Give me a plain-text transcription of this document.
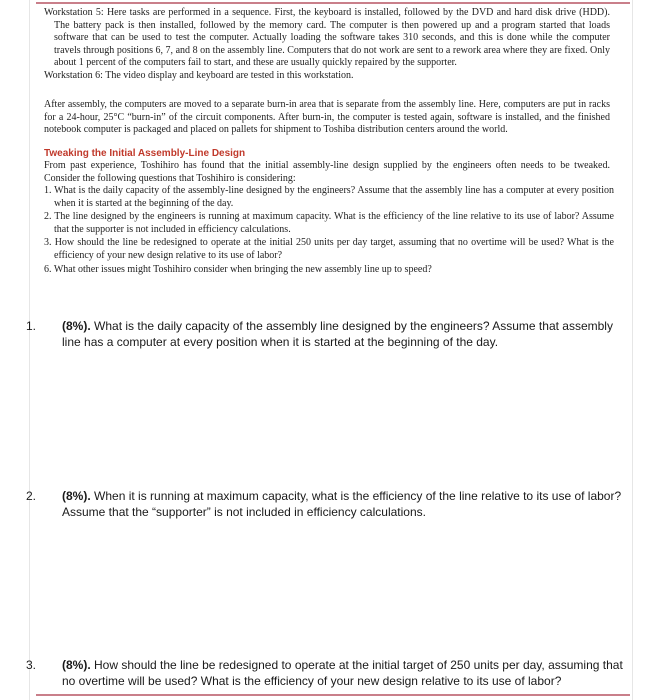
Workstation 5: Here tasks are performed in a sequence. First, the keyboard is installed, followed by the DVD and hard disk drive (HDD). The battery pack is then installed, followed by the memory card. The computer is then powered up and a program started that loads software that can be used to test the computer. Actually loading the software takes 310 seconds, and this is done while the computer travels through positions 6, 7, and 8 on the assembly line. Computers that do not work are sent to a rework area where they are fixed. Only about 1 percent of the computers fail to start, and these are usually quickly repaired by the supporter.

Workstation 6: The video display and keyboard are tested in this workstation.

After assembly, the computers are moved to a separate burn-in area that is separate from the assembly line. Here, computers are put in racks for a 24-hour, 25°C “burn-in” of the circuit components. After burn-in, the computer is tested again, software is installed, and the finished notebook computer is packaged and placed on pallets for shipment to Toshiba distribution centers around the world.

Tweaking the Initial Assembly-Line Design

From past experience, Toshihiro has found that the initial assembly-line design supplied by the engineers often needs to be tweaked. Consider the following questions that Toshihiro is considering:

1. What is the daily capacity of the assembly-line designed by the engineers? Assume that the assembly line has a computer at every position when it is started at the beginning of the day.
2. The line designed by the engineers is running at maximum capacity. What is the efficiency of the line relative to its use of labor? Assume that the supporter is not included in efficiency calculations.
3. How should the line be redesigned to operate at the initial 250 units per day target, assuming that no overtime will be used? What is the efficiency of your new design relative to its use of labor?
6. What other issues might Toshihiro consider when bringing the new assembly line up to speed?
1. (8%). What is the daily capacity of the assembly line designed by the engineers? Assume that assembly line has a computer at every position when it is started at the beginning of the day.
2. (8%). When it is running at maximum capacity, what is the efficiency of the line relative to its use of labor? Assume that the “supporter” is not included in efficiency calculations.
3. (8%). How should the line be redesigned to operate at the initial target of 250 units per day, assuming that no overtime will be used? What is the efficiency of your new design relative to its use of labor?
